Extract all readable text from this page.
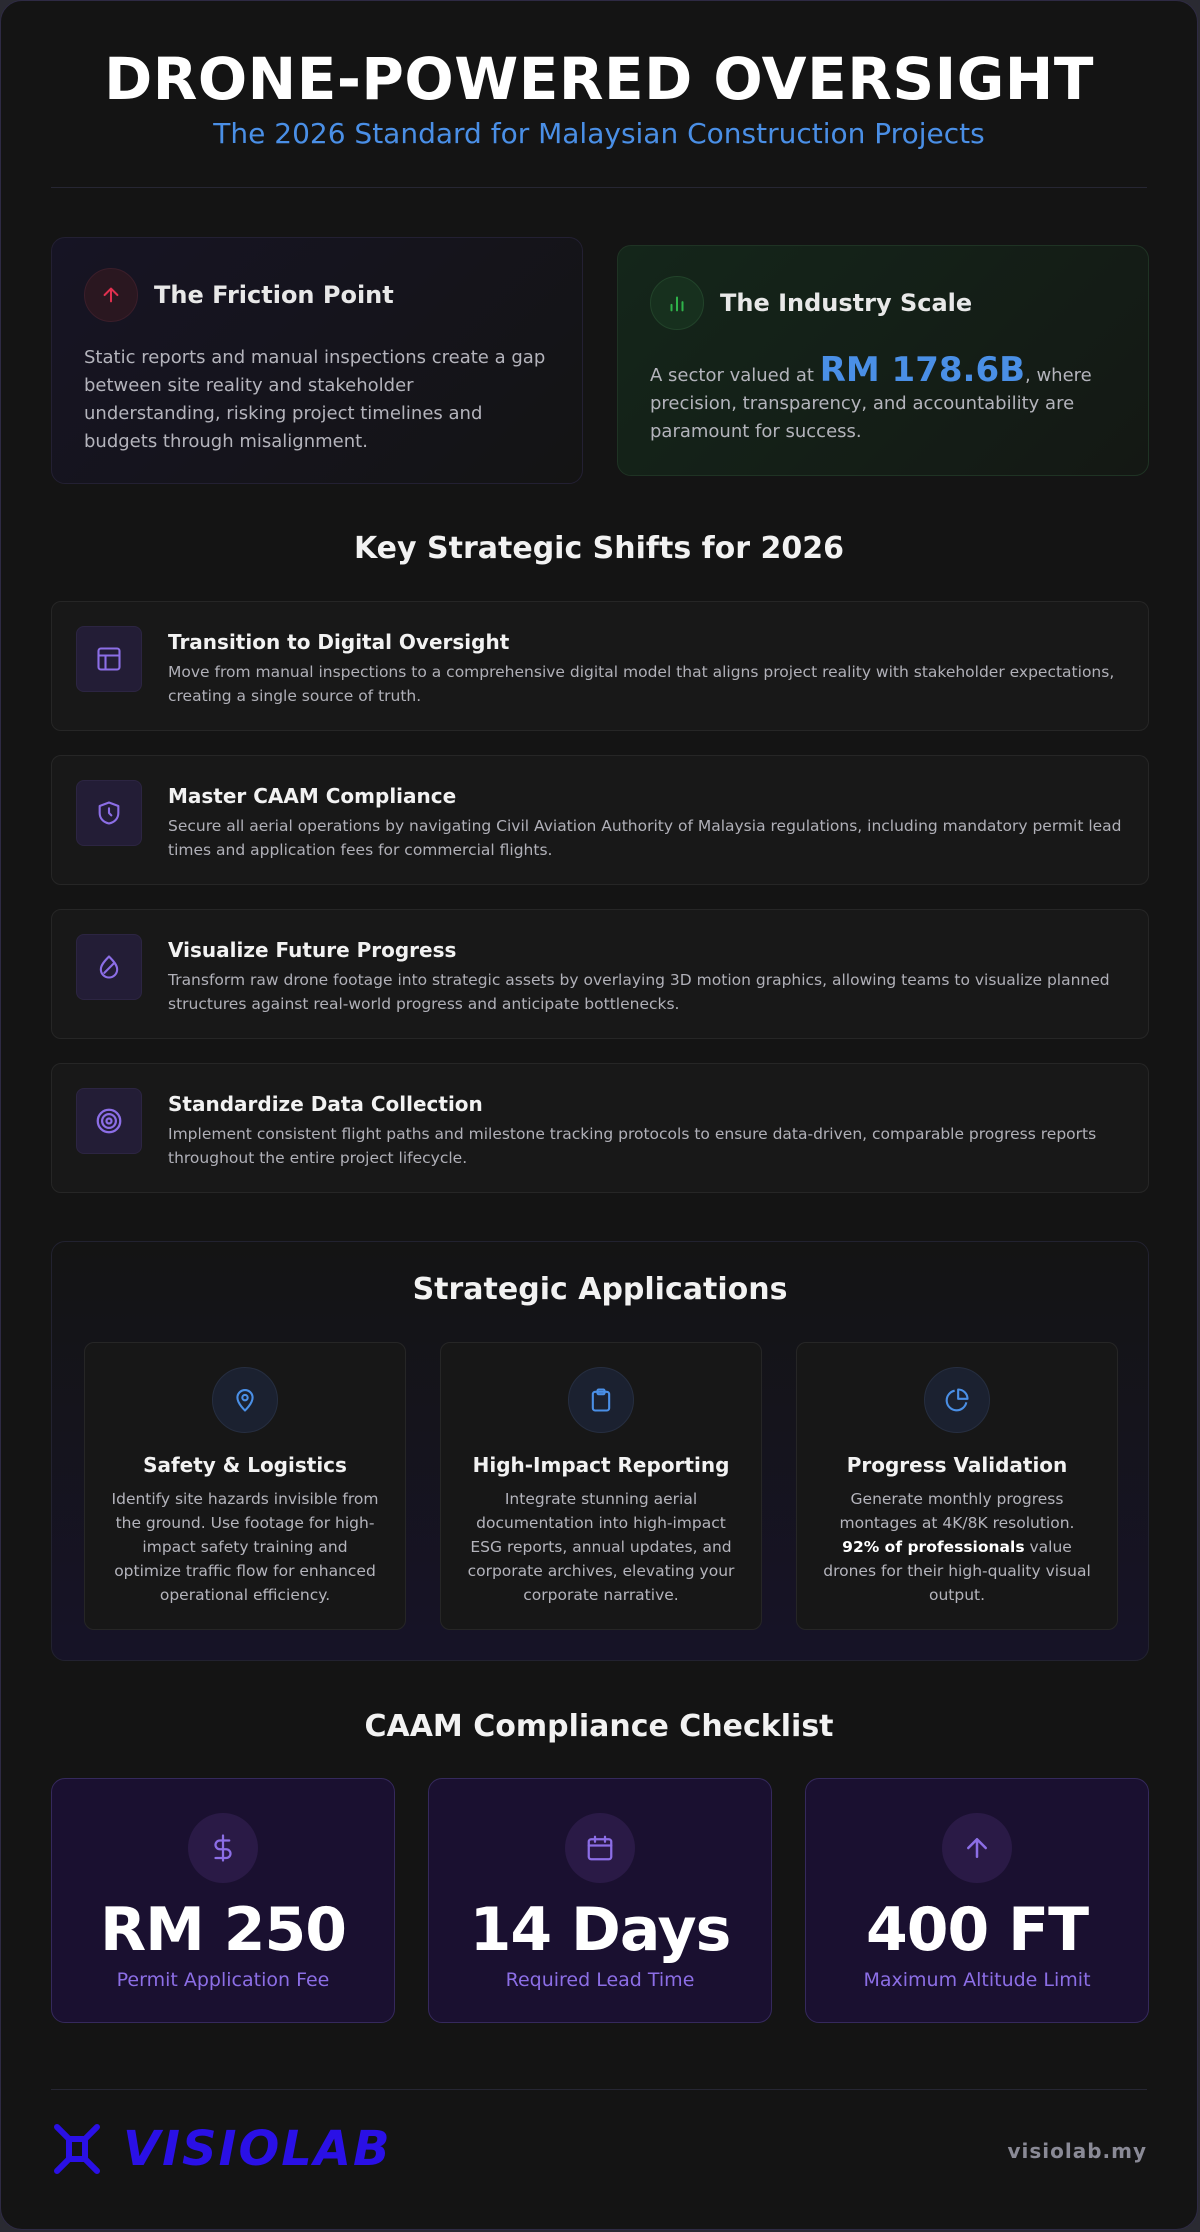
DRONE-POWERED OVERSIGHT
The 2026 Standard for Malaysian Construction Projects
The Friction Point
Static reports and manual inspections create a gap between site reality and stakeholder understanding, risking project timelines and budgets through misalignment.
The Industry Scale
A sector valued at RM 178.6B, where precision, transparency, and accountability are paramount for success.
Key Strategic Shifts for 2026
Transition to Digital Oversight
Move from manual inspections to a comprehensive digital model that aligns project reality with stakeholder expectations, creating a single source of truth.
Master CAAM Compliance
Secure all aerial operations by navigating Civil Aviation Authority of Malaysia regulations, including mandatory permit lead times and application fees for commercial flights.
Visualize Future Progress
Transform raw drone footage into strategic assets by overlaying 3D motion graphics, allowing teams to visualize planned structures against real-world progress and anticipate bottlenecks.
Standardize Data Collection
Implement consistent flight paths and milestone tracking protocols to ensure data-driven, comparable progress reports throughout the entire project lifecycle.
Strategic Applications
Safety & Logistics
Identify site hazards invisible from the ground. Use footage for high-impact safety training and optimize traffic flow for enhanced operational efficiency.
High-Impact Reporting
Integrate stunning aerial documentation into high-impact ESG reports, annual updates, and corporate archives, elevating your corporate narrative.
Progress Validation
Generate monthly progress montages at 4K/8K resolution. 92% of professionals value drones for their high-quality visual output.
CAAM Compliance Checklist
RM 250
Permit Application Fee
14 Days
Required Lead Time
400 FT
Maximum Altitude Limit
VISIOLAB	visiolab.my
